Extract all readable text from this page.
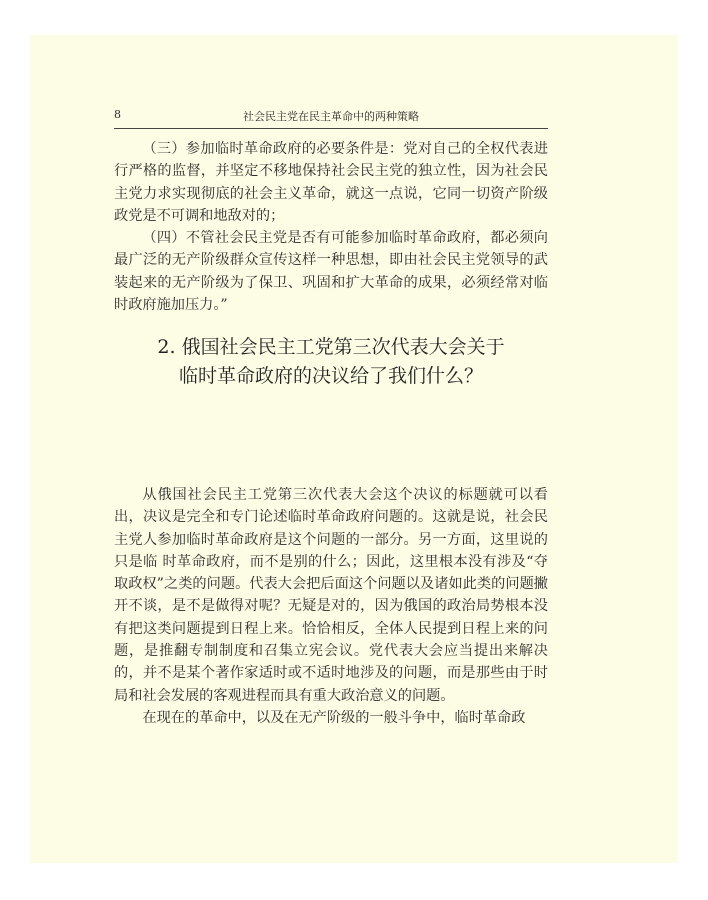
8	社会民主党在民主革命中的两种策略

（三）参加临时革命政府的必要条件是：党对自己的全权代表进行严格的监督，并坚定不移地保持社会民主党的独立性，因为社会民主党力求实现彻底的社会主义革命，就这一点说，它同一切资产阶级政党是不可调和地敌对的；

（四）不管社会民主党是否有可能参加临时革命政府，都必须向最广泛的无产阶级群众宣传这样一种思想，即由社会民主党领导的武装起来的无产阶级为了保卫、巩固和扩大革命的成果，必须经常对临时政府施加压力。”

2. 俄国社会民主工党第三次代表大会关于
临时革命政府的决议给了我们什么？

从俄国社会民主工党第三次代表大会这个决议的标题就可以看出，决议是完全和专门论述临时革命政府问题的。这就是说，社会民主党人参加临时革命政府是这个问题的一部分。另一方面，这里说的只是临 时革命政府，而不是别的什么；因此，这里根本没有涉及“夺取政权”之类的问题。代表大会把后面这个问题以及诸如此类的问题撇开不谈，是不是做得对呢？无疑是对的，因为俄国的政治局势根本没有把这类问题提到日程上来。恰恰相反，全体人民提到日程上来的问题，是推翻专制制度和召集立宪会议。党代表大会应当提出来解决的，并不是某个著作家适时或不适时地涉及的问题，而是那些由于时局和社会发展的客观进程而具有重大政治意义的问题。

在现在的革命中，以及在无产阶级的一般斗争中，临时革命政
